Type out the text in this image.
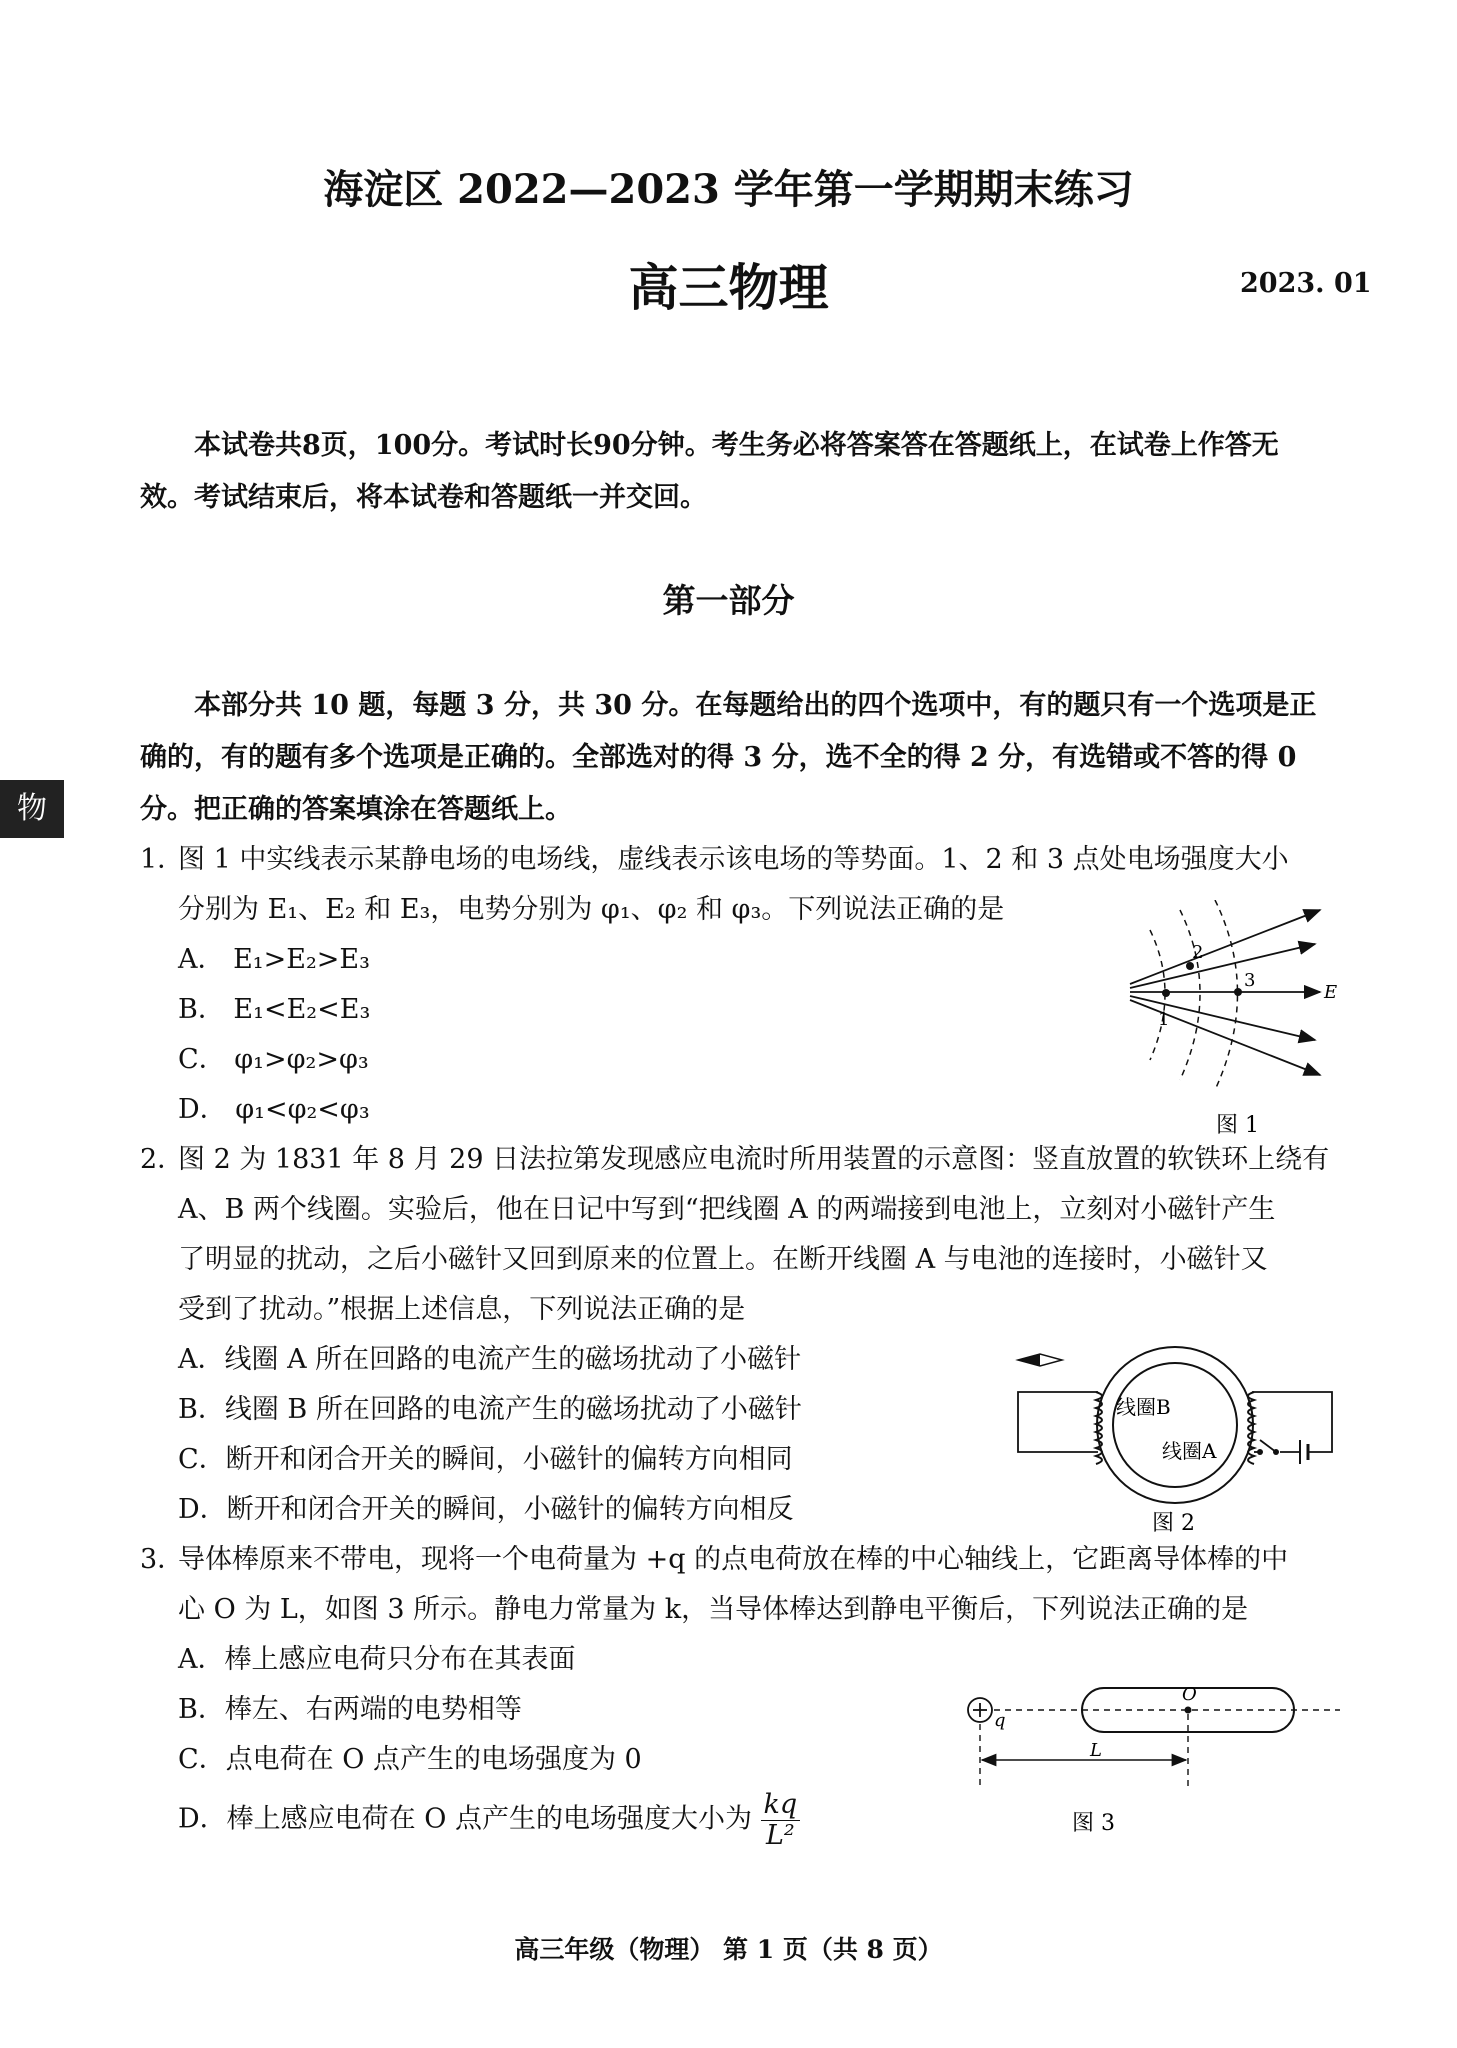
海淀区 2022—2023 学年第一学期期末练习
高三物理	2023. 01
本试卷共8页，100分。考试时长90分钟。考生务必将答案答在答题纸上，在试卷上作答无效。考试结束后，将本试卷和答题纸一并交回。
第一部分
本部分共 10 题，每题 3 分，共 30 分。在每题给出的四个选项中，有的题只有一个选项是正确的，有的题有多个选项是正确的。全部选对的得 3 分，选不全的得 2 分，有选错或不答的得 0 分。把正确的答案填涂在答题纸上。
物
1．图 1 中实线表示某静电场的电场线，虚线表示该电场的等势面。1、2 和 3 点处电场强度大小
分别为 E₁、E₂ 和 E₃，电势分别为 φ₁、φ₂ 和 φ₃。下列说法正确的是
A． E₁>E₂>E₃
B． E₁<E₂<E₃
C． φ₁>φ₂>φ₃
D． φ₁<φ₂<φ₃
1
2
3
E
图 1
2．图 2 为 1831 年 8 月 29 日法拉第发现感应电流时所用装置的示意图：竖直放置的软铁环上绕有
A、B 两个线圈。实验后，他在日记中写到“把线圈 A 的两端接到电池上，立刻对小磁针产生
了明显的扰动，之后小磁针又回到原来的位置上。在断开线圈 A 与电池的连接时，小磁针又
受到了扰动。”根据上述信息，下列说法正确的是
A．线圈 A 所在回路的电流产生的磁场扰动了小磁针
B．线圈 B 所在回路的电流产生的磁场扰动了小磁针
C．断开和闭合开关的瞬间，小磁针的偏转方向相同
D．断开和闭合开关的瞬间，小磁针的偏转方向相反
线圈B
线圈A
图 2
3．导体棒原来不带电，现将一个电荷量为 +q 的点电荷放在棒的中心轴线上，它距离导体棒的中
心 O 为 L，如图 3 所示。静电力常量为 k，当导体棒达到静电平衡后，下列说法正确的是
A．棒上感应电荷只分布在其表面
B．棒左、右两端的电势相等
C．点电荷在 O 点产生的电场强度为 0
D．棒上感应电荷在 O 点产生的电场强度大小为 $\frac{kq}{\text{L²}}$
q
O
L
图 3
高三年级（物理） 第 1 页（共 8 页）
